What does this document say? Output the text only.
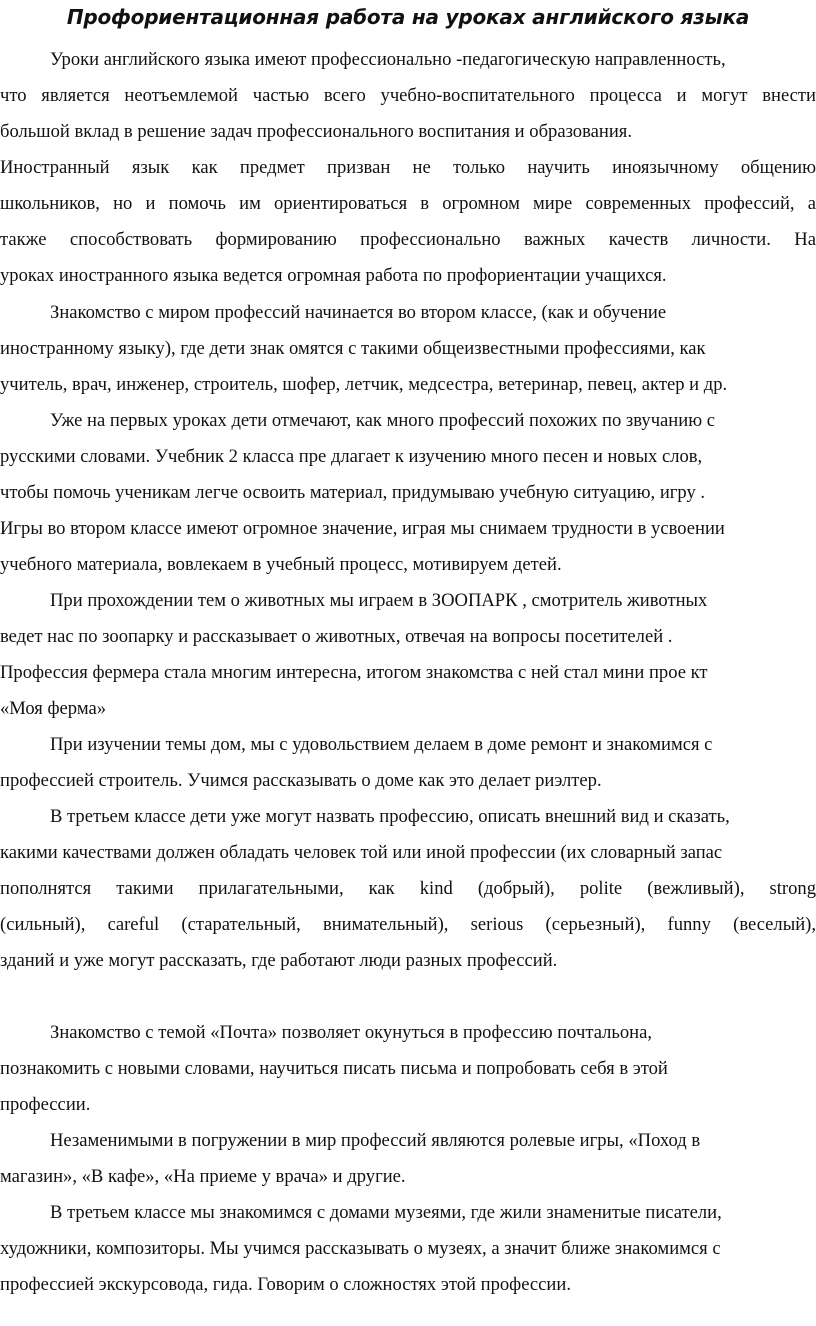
Профориентационная работа на уроках английского языка
Уроки английского языка имеют профессионально -педагогическую направленность,
что является неотъемлемой частью всего учебно-воспитательного процесса и могут внести
большой вклад в решение задач профессионального воспитания и образования.
Иностранный язык как предмет призван не только научить иноязычному общению
школьников, но и помочь им ориентироваться в огромном мире современных профессий, а
также способствовать формированию профессионально важных качеств личности. На
уроках иностранного языка ведется огромная работа по профориентации учащихся.
Знакомство с миром профессий начинается во втором классе, (как и обучение
иностранному языку), где дети знак омятся с такими общеизвестными профессиями, как
учитель, врач, инженер, строитель, шофер, летчик, медсестра, ветеринар, певец, актер и др.
Уже на первых уроках дети отмечают, как много профессий похожих по звучанию с
русскими словами. Учебник 2 класса пре длагает к изучению много песен и новых слов,
чтобы помочь ученикам легче освоить материал, придумываю учебную ситуацию, игру .
Игры во втором классе имеют огромное значение, играя мы снимаем трудности в усвоении
учебного материала, вовлекаем в учебный процесс, мотивируем детей.
При прохождении тем о животных мы играем в ЗООПАРК , смотритель животных
ведет нас по зоопарку и рассказывает о животных, отвечая на вопросы посетителей .
Профессия фермера стала многим интересна, итогом знакомства с ней стал мини прое кт
«Моя ферма»
При изучении темы дом, мы с удовольствием делаем в доме ремонт и знакомимся с
профессией строитель. Учимся рассказывать о доме как это делает риэлтер.
В третьем классе дети уже могут назвать профессию, описать внешний вид и сказать,
какими качествами должен обладать человек той или иной профессии (их словарный запас
пополнятся такими прилагательными, как kind (добрый), polite (вежливый), strong
(сильный), careful (старательный, внимательный), serious (серьезный), funny (веселый),
зданий и уже могут рассказать, где работают люди разных профессий.
Знакомство с темой «Почта» позволяет окунуться в профессию почтальона,
познакомить с новыми словами, научиться писать письма и попробовать себя в этой
профессии.
Незаменимыми в погружении в мир профессий являются ролевые игры, «Поход в
магазин», «В кафе», «На приеме у врача» и другие.
В третьем классе мы знакомимся с домами музеями, где жили знаменитые писатели,
художники, композиторы. Мы учимся рассказывать о музеях, а значит ближе знакомимся с
профессией экскурсовода, гида. Говорим о сложностях этой профессии.
